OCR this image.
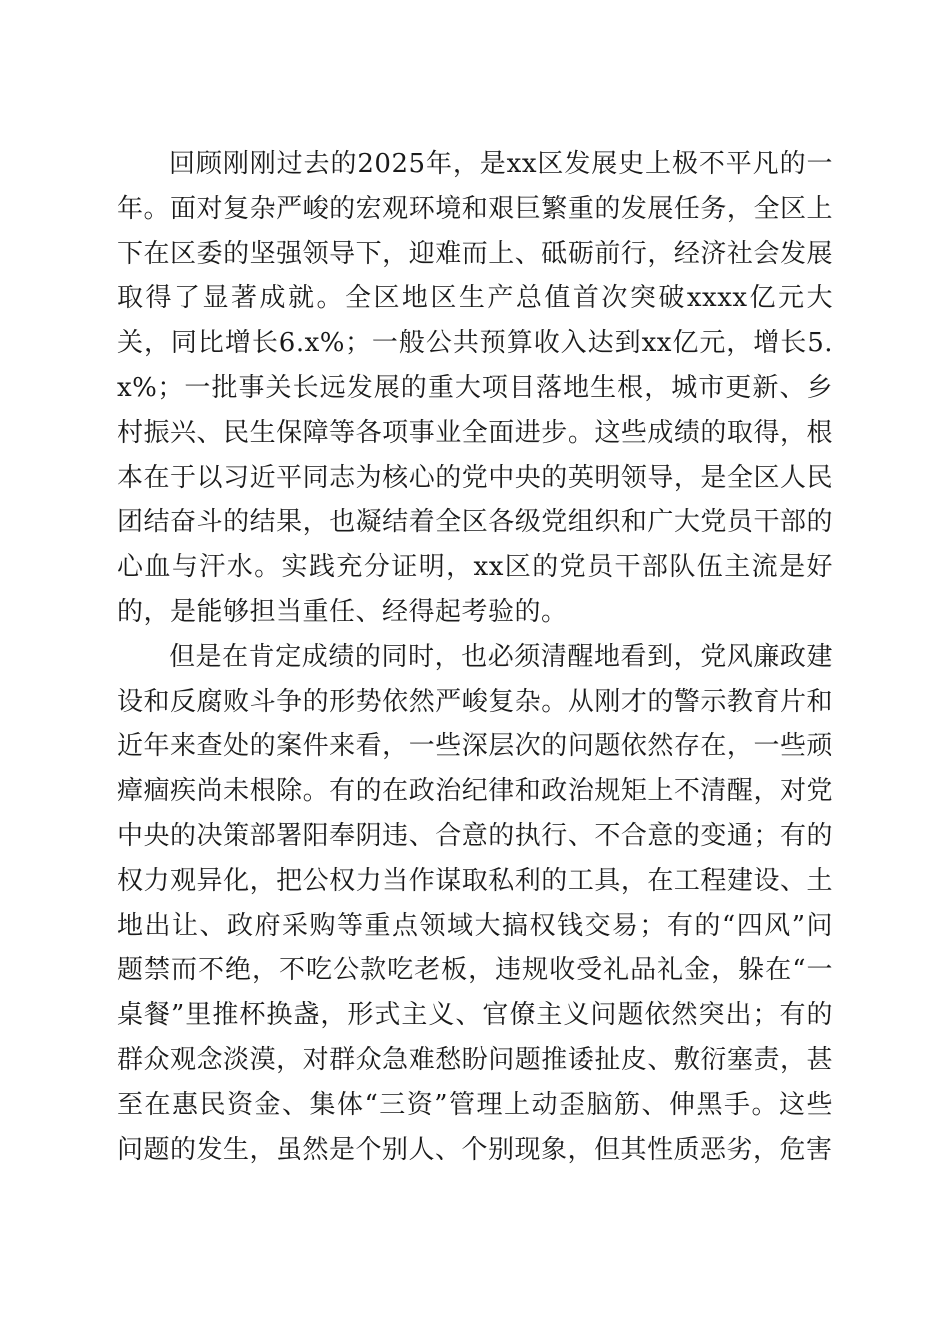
回顾刚刚过去的2025年，是xx区发展史上极不平凡的一年。面对复杂严峻的宏观环境和艰巨繁重的发展任务，全区上下在区委的坚强领导下，迎难而上、砥砺前行，经济社会发展取得了显著成就。全区地区生产总值首次突破xxxx亿元大关，同比增长6.x%；一般公共预算收入达到xx亿元，增长5.x%；一批事关长远发展的重大项目落地生根，城市更新、乡村振兴、民生保障等各项事业全面进步。这些成绩的取得，根本在于以习近平同志为核心的党中央的英明领导，是全区人民团结奋斗的结果，也凝结着全区各级党组织和广大党员干部的心血与汗水。实践充分证明，xx区的党员干部队伍主流是好的，是能够担当重任、经得起考验的。

但是在肯定成绩的同时，也必须清醒地看到，党风廉政建设和反腐败斗争的形势依然严峻复杂。从刚才的警示教育片和近年来查处的案件来看，一些深层次的问题依然存在，一些顽瘴痼疾尚未根除。有的在政治纪律和政治规矩上不清醒，对党中央的决策部署阳奉阴违、合意的执行、不合意的变通；有的权力观异化，把公权力当作谋取私利的工具，在工程建设、土地出让、政府采购等重点领域大搞权钱交易；有的“四风”问题禁而不绝，不吃公款吃老板，违规收受礼品礼金，躲在“一桌餐”里推杯换盏，形式主义、官僚主义问题依然突出；有的群众观念淡漠，对群众急难愁盼问题推诿扯皮、敷衍塞责，甚至在惠民资金、集体“三资”管理上动歪脑筋、伸黑手。这些问题的发生，虽然是个别人、个别现象，但其性质恶劣，危害
